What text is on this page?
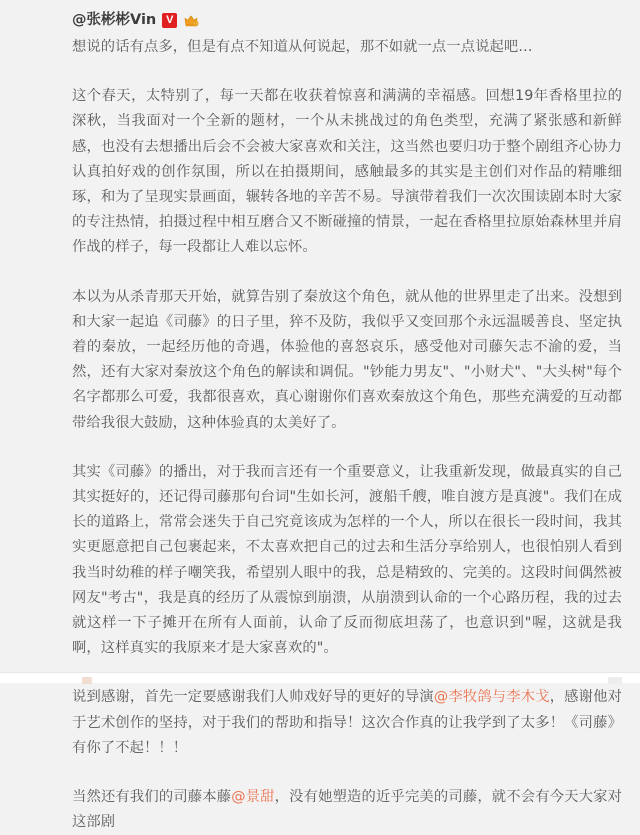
@张彬彬Vin V	1

想说的话有点多，但是有点不知道从何说起，那不如就一点一点说起吧…

这个春天，太特别了，每一天都在收获着惊喜和满满的幸福感。回想19年香格里拉的深秋，当我面对一个全新的题材，一个从未挑战过的角色类型，充满了紧张感和新鲜感，也没有去想播出后会不会被大家喜欢和关注，这当然也要归功于整个剧组齐心协力认真拍好戏的创作氛围，所以在拍摄期间，感触最多的其实是主创们对作品的精雕细琢，和为了呈现实景画面，辗转各地的辛苦不易。导演带着我们一次次围读剧本时大家的专注热情，拍摄过程中相互磨合又不断碰撞的情景，一起在香格里拉原始森林里并肩作战的样子，每一段都让人难以忘怀。

本以为从杀青那天开始，就算告别了秦放这个角色，就从他的世界里走了出来。没想到和大家一起追《司藤》的日子里，猝不及防，我似乎又变回那个永远温暖善良、坚定执着的秦放，一起经历他的奇遇，体验他的喜怒哀乐，感受他对司藤矢志不渝的爱，当然，还有大家对秦放这个角色的解读和调侃。"钞能力男友"、"小财犬"、"大头树"每个名字都那么可爱，我都很喜欢，真心谢谢你们喜欢秦放这个角色，那些充满爱的互动都带给我很大鼓励，这种体验真的太美好了。

其实《司藤》的播出，对于我而言还有一个重要意义，让我重新发现，做最真实的自己其实挺好的，还记得司藤那句台词"生如长河，渡船千艘，唯自渡方是真渡"。我们在成长的道路上，常常会迷失于自己究竟该成为怎样的一个人，所以在很长一段时间，我其实更愿意把自己包裹起来，不太喜欢把自己的过去和生活分享给别人，也很怕别人看到我当时幼稚的样子嘲笑我，希望别人眼中的我，总是精致的、完美的。这段时间偶然被网友"考古"，我是真的经历了从震惊到崩溃，从崩溃到认命的一个心路历程，我的过去就这样一下子摊开在所有人面前，认命了反而彻底坦荡了，也意识到"喔，这就是我啊，这样真实的我原来才是大家喜欢的"。

说到感谢，首先一定要感谢我们人帅戏好导的更好的导演@李牧鸽与李木戈，感谢他对于艺术创作的坚持，对于我们的帮助和指导！这次合作真的让我学到了太多！《司藤》有你了不起！！！

当然还有我们的司藤本藤@景甜，没有她塑造的近乎完美的司藤，就不会有今天大家对这部剧
